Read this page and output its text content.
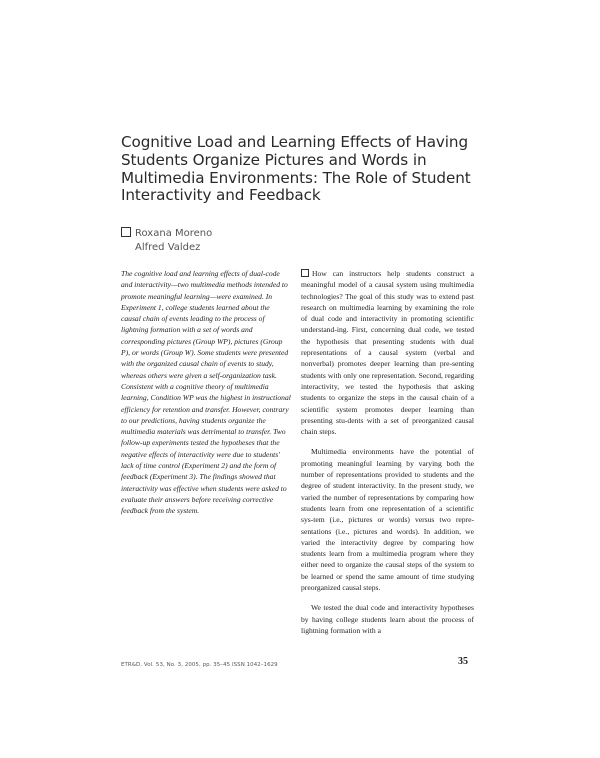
Cognitive Load and Learning Effects of Having Students Organize Pictures and Words in Multimedia Environments: The Role of Student Interactivity and Feedback
Roxana Moreno
Alfred Valdez

The cognitive load and learning effects of dual-code and interactivity—two multimedia methods intended to promote meaningful learning—were examined. In Experiment 1, college students learned about the causal chain of events leading to the process of lightning formation with a set of words and corresponding pictures (Group WP), pictures (Group P), or words (Group W). Some students were presented with the organized causal chain of events to study, whereas others were given a self-organization task. Consistent with a cognitive theory of multimedia learning, Condition WP was the highest in instructional efficiency for retention and transfer. However, contrary to our predictions, having students organize the multimedia materials was detrimental to transfer. Two follow-up experiments tested the hypotheses that the negative effects of interactivity were due to students' lack of time control (Experiment 2) and the form of feedback (Experiment 3). The findings showed that interactivity was effective when students were asked to evaluate their answers before receiving corrective feedback from the system.

How can instructors help students construct a meaningful model of a causal system using multimedia technologies? The goal of this study was to extend past research on multimedia learning by examining the role of dual code and interactivity in promoting scientific understand-ing. First, concerning dual code, we tested the hypothesis that presenting students with dual representations of a causal system (verbal and nonverbal) promotes deeper learning than pre-senting students with only one representation. Second, regarding interactivity, we tested the hypothesis that asking students to organize the steps in the causal chain of a scientific system promotes deeper learning than presenting stu-dents with a set of preorganized causal chain steps.

Multimedia environments have the potential of promoting meaningful learning by varying both the number of representations provided to students and the degree of student interactivity. In the present study, we varied the number of representations by comparing how students learn from one representation of a scientific sys-tem (i.e., pictures or words) versus two repre-sentations (i.e., pictures and words). In addition, we varied the interactivity degree by comparing how students learn from a multimedia program where they either need to organize the causal steps of the system to be learned or spend the same amount of time studying preorganized causal steps.

We tested the dual code and interactivity hypotheses by having college students learn about the process of lightning formation with a

ETR&D, Vol. 53, No. 3, 2005, pp. 35–45 ISSN 1042–1629	35
